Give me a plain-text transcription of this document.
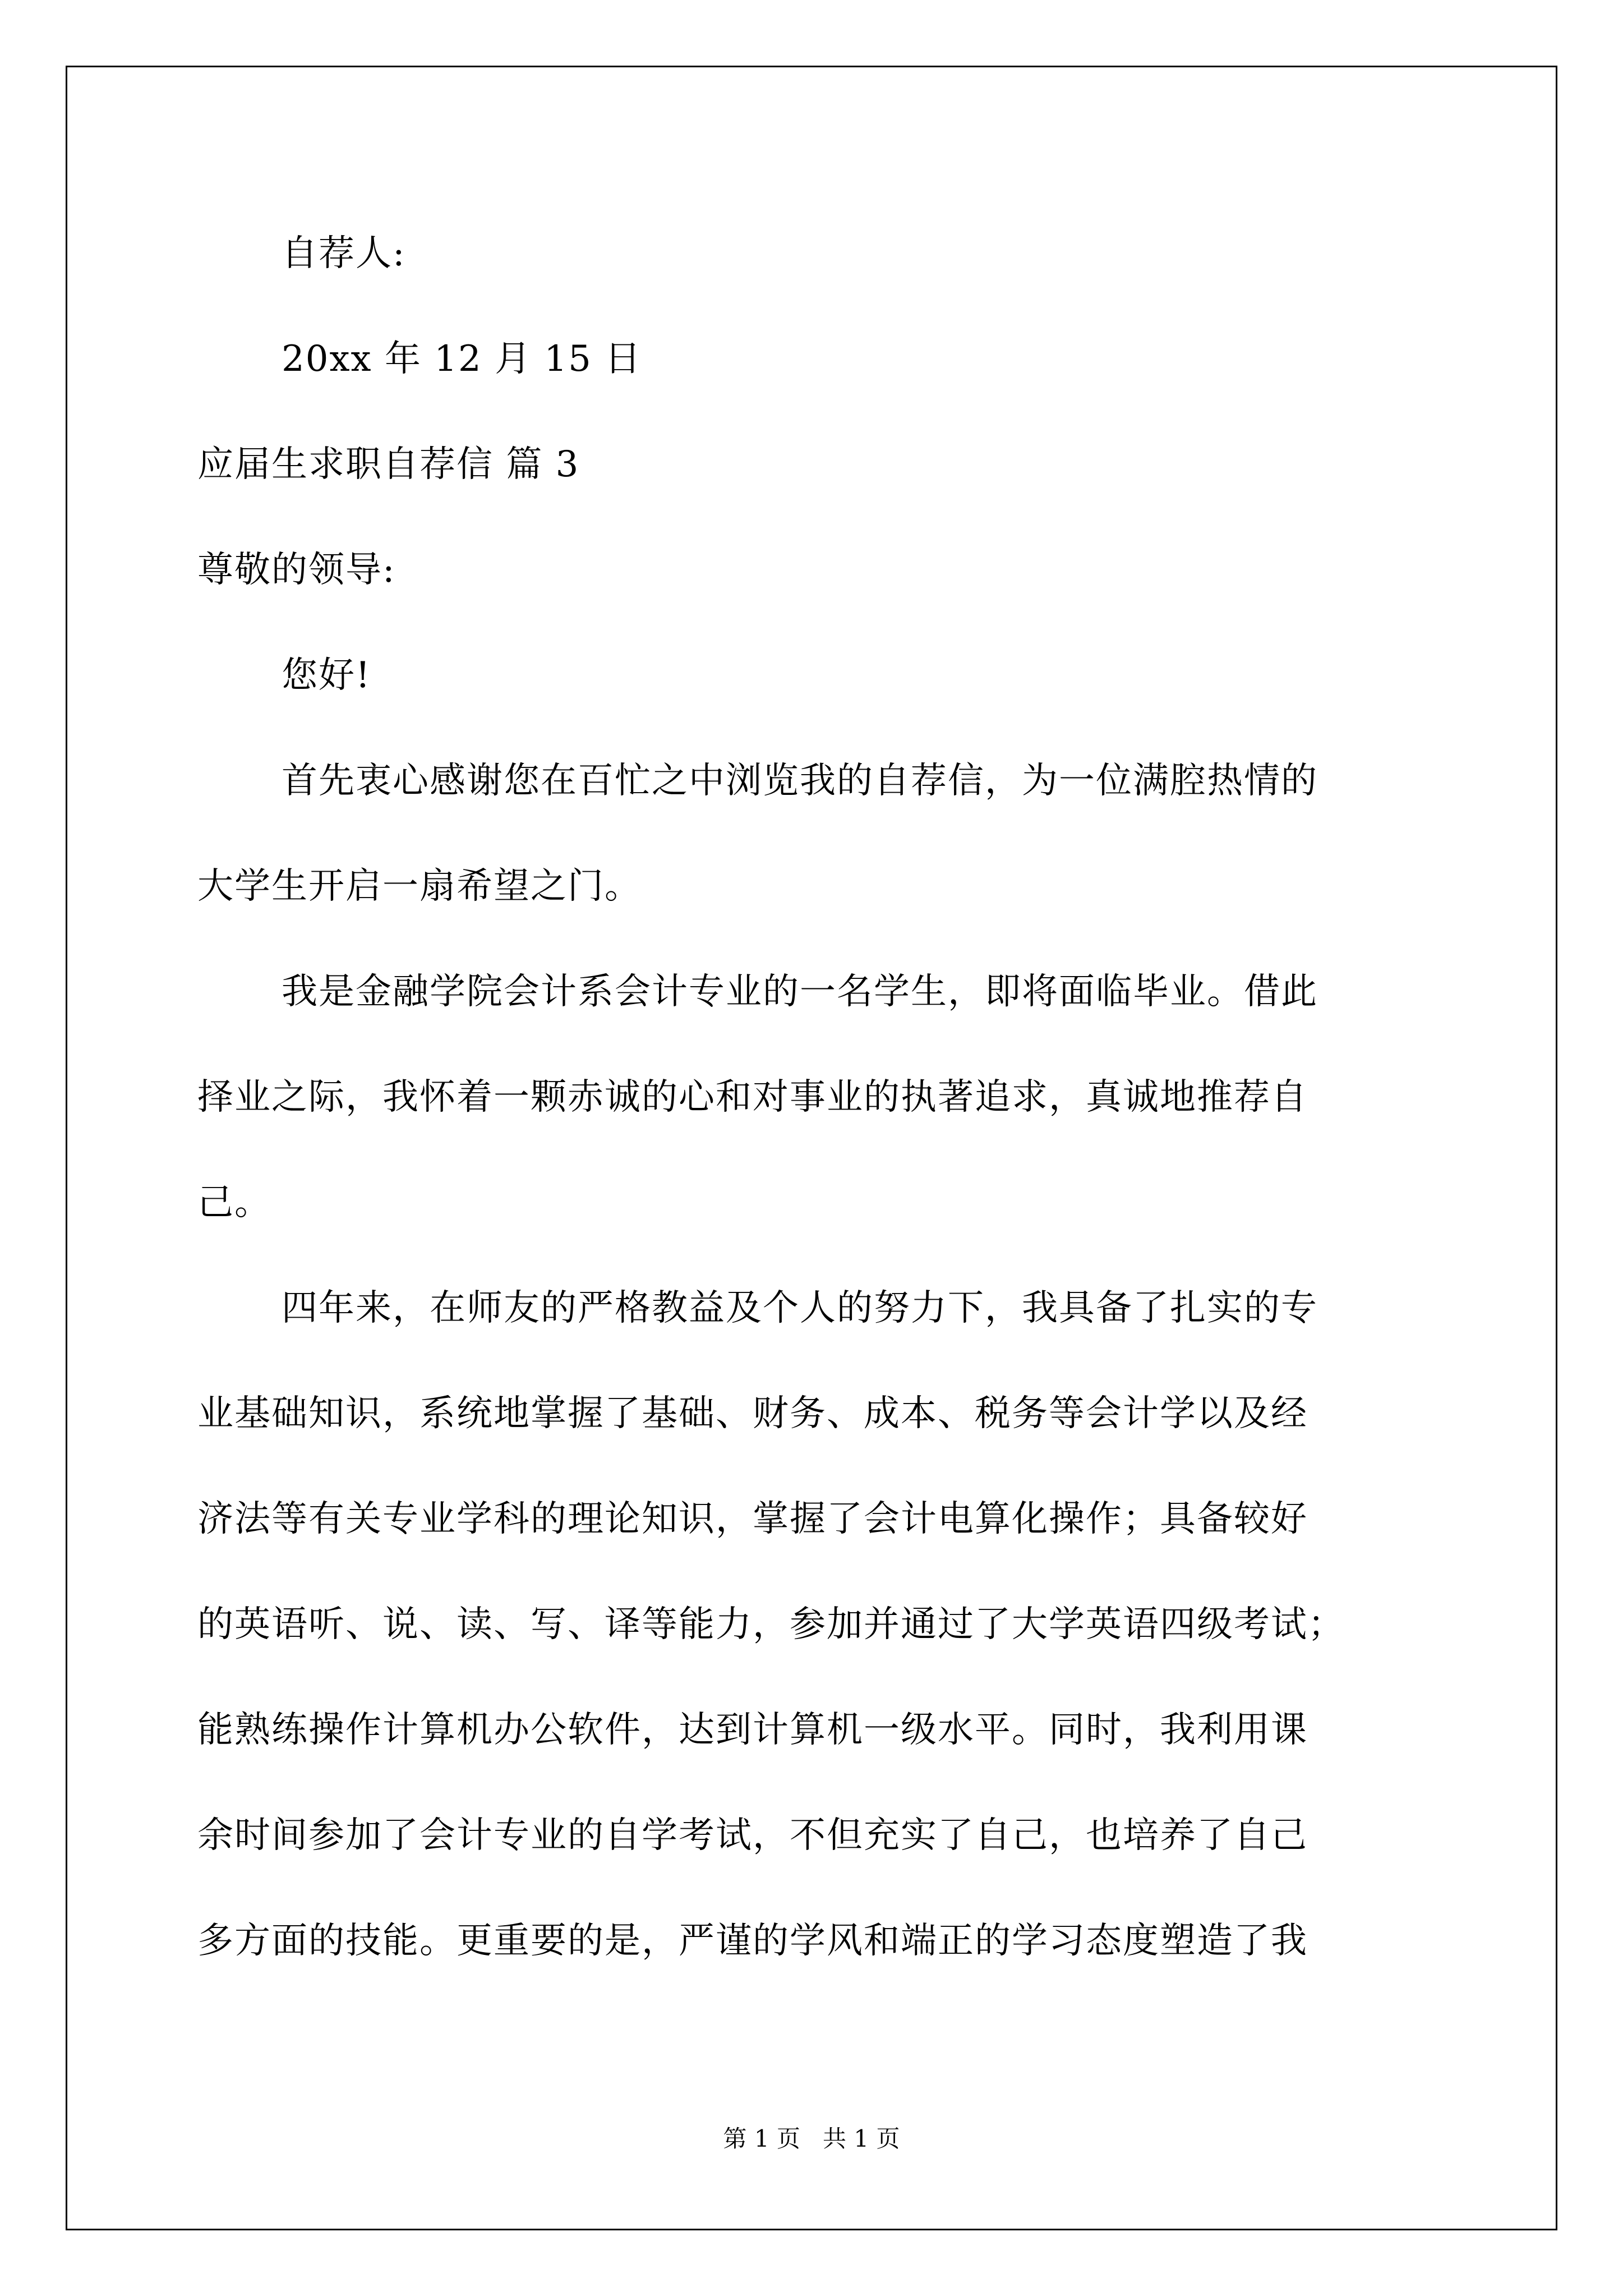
自荐人:
20xx 年 12 月 15 日
应届生求职自荐信 篇 3
尊敬的领导:
您好!
首先衷心感谢您在百忙之中浏览我的自荐信，为一位满腔热情的
大学生开启一扇希望之门。
我是金融学院会计系会计专业的一名学生，即将面临毕业。借此
择业之际，我怀着一颗赤诚的心和对事业的执著追求，真诚地推荐自
己。
四年来，在师友的严格教益及个人的努力下，我具备了扎实的专
业基础知识，系统地掌握了基础、财务、成本、税务等会计学以及经
济法等有关专业学科的理论知识，掌握了会计电算化操作；具备较好
的英语听、说、读、写、译等能力，参加并通过了大学英语四级考试；
能熟练操作计算机办公软件，达到计算机一级水平。同时，我利用课
余时间参加了会计专业的自学考试，不但充实了自己，也培养了自己
多方面的技能。更重要的是，严谨的学风和端正的学习态度塑造了我
第 1 页   共 1 页
